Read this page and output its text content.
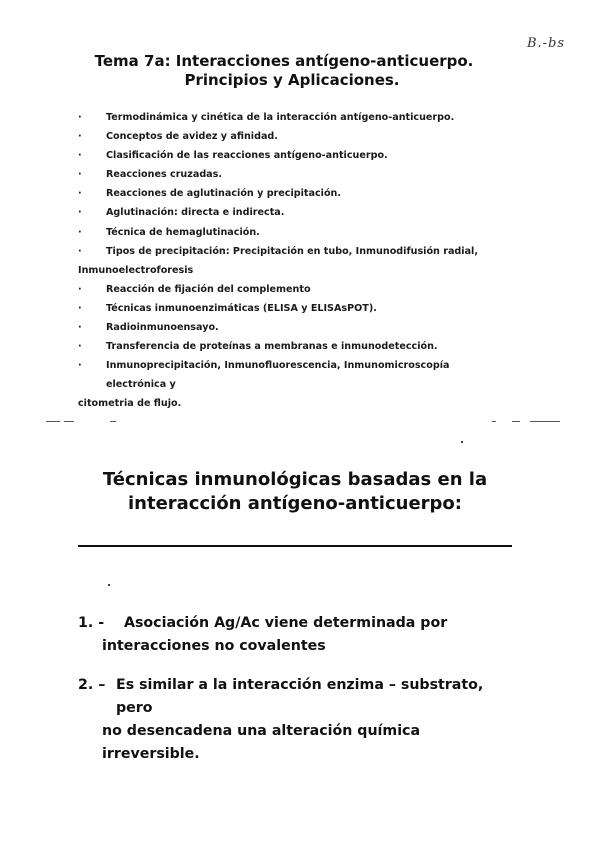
B.-bs
Tema 7a: Interacciones antígeno-anticuerpo.
Principios y Aplicaciones.
·	Termodinámica y cinética de la interacción antígeno-anticuerpo.
·	Conceptos de avidez y afinidad.
·	Clasificación de las reacciones antígeno-anticuerpo.
·	Reacciones cruzadas.
·	Reacciones de aglutinación y precipitación.
·	Aglutinación: directa e indirecta.
·	Técnica de hemaglutinación.
·	Tipos de precipitación: Precipitación en tubo, Inmunodifusión radial,
Inmunoelectroforesis
·	Reacción de fijación del complemento
·	Técnicas inmunoenzimáticas (ELISA y ELISAsPOT).
·	Radioinmunoensayo.
·	Transferencia de proteínas a membranas e inmunodetección.
·	Inmunoprecipitación, Inmunofluorescencia, Inmunomicroscopía electrónica y
citometria de flujo.
Técnicas inmunológicas basadas en la
interacción antígeno-anticuerpo:
1. -	Asociación Ag/Ac viene determinada por
interacciones no covalentes
2. – Es similar a la interacción enzima – substrato, pero
no desencadena una alteración química irreversible.
